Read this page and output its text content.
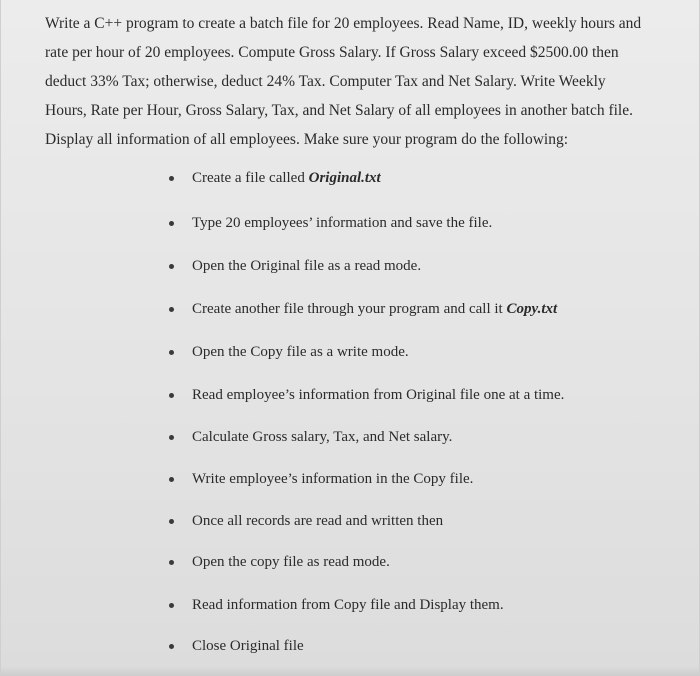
Write a C++ program to create a batch file for 20 employees. Read Name, ID, weekly hours and
rate per hour of 20 employees. Compute Gross Salary. If Gross Salary exceed $2500.00 then
deduct 33% Tax; otherwise, deduct 24% Tax. Computer Tax and Net Salary. Write Weekly
Hours, Rate per Hour, Gross Salary, Tax, and Net Salary of all employees in another batch file.
Display all information of all employees. Make sure your program do the following:

Create a file called Original.txt
Type 20 employees’ information and save the file.
Open the Original file as a read mode.
Create another file through your program and call it Copy.txt
Open the Copy file as a write mode.
Read employee’s information from Original file one at a time.
Calculate Gross salary, Tax, and Net salary.
Write employee’s information in the Copy file.
Once all records are read and written then
Open the copy file as read mode.
Read information from Copy file and Display them.
Close Original file
